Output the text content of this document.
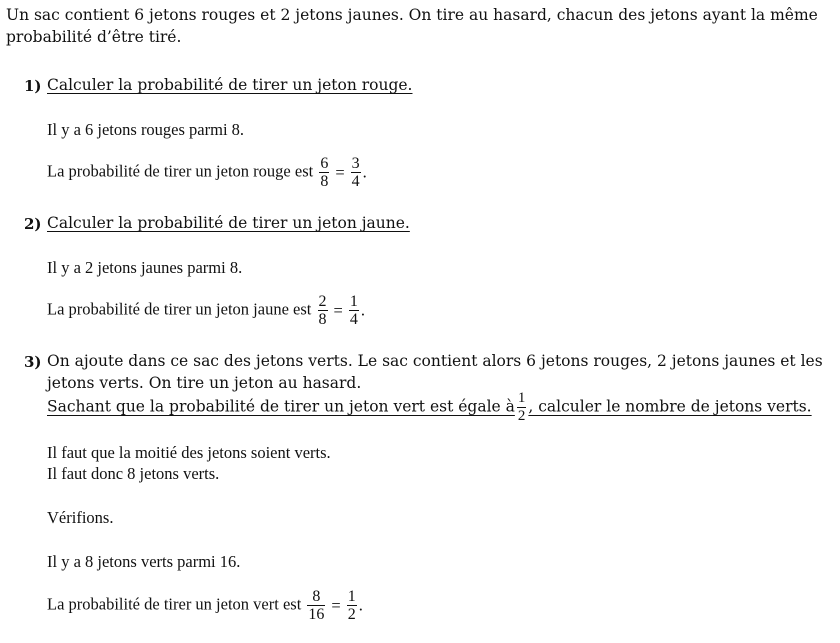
Un sac contient 6 jetons rouges et 2 jetons jaunes. On tire au hasard, chacun des jetons ayant la même probabilité d’être tiré.
1) Calculer la probabilité de tirer un jeton rouge.
Il y a 6 jetons rouges parmi 8.
La probabilité de tirer un jeton rouge est $\frac{6}{8} = \frac{3}{4}$ .
2) Calculer la probabilité de tirer un jeton jaune.
Il y a 2 jetons jaunes parmi 8.
La probabilité de tirer un jeton jaune est $\frac{2}{8} = \frac{1}{4}$ .
3) On ajoute dans ce sac des jetons verts. Le sac contient alors 6 jetons rouges, 2 jetons jaunes et les jetons verts. On tire un jeton au hasard.
Sachant que la probabilité de tirer un jeton vert est égale à $\frac{1}{2}$ , calculer le nombre de jetons verts.
Il faut que la moitié des jetons soient verts.
Il faut donc 8 jetons verts.
Vérifions.
Il y a 8 jetons verts parmi 16.
La probabilité de tirer un jeton vert est $\frac{8}{16} = \frac{1}{2}$ .
